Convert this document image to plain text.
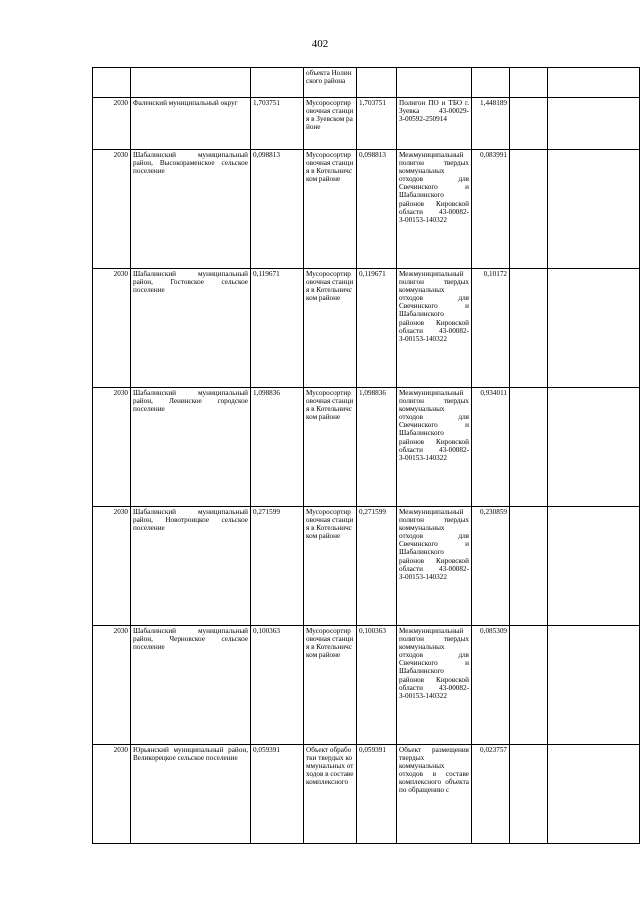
402
			объекта Нолинского района					
2030	Фаленский муниципальный округ	1,703751	Мусоросортировочная станция в Зуевском районе	1,703751	Полигон ПО и ТБО г. Зуевка 43-00029-З-00592-250914	1,448189		
2030	Шабалинский муниципальный район, Высокораменское сельское поселение	0,098813	Мусоросортировочная станция в Котельничском районе	0,098813	Межмуниципальный полигон твердых коммунальных отходов для Свечинского и Шабалинского районов Кировской области 43-00082-З-00153-140322	0,083991		
2030	Шабалинский муниципальный район, Гостовское сельское поселение	0,119671	Мусоросортировочная станция в Котельничском районе	0,119671	Межмуниципальный полигон твердых коммунальных отходов для Свечинского и Шабалинского районов Кировской области 43-00082-З-00153-140322	0,10172		
2030	Шабалинский муниципальный район, Ленинское городское поселение	1,098836	Мусоросортировочная станция в Котельничском районе	1,098836	Межмуниципальный полигон твердых коммунальных отходов для Свечинского и Шабалинского районов Кировской области 43-00082-З-00153-140322	0,934011		
2030	Шабалинский муниципальный район, Новотроицкое сельское поселение	0,271599	Мусоросортировочная станция в Котельничском районе	0,271599	Межмуниципальный полигон твердых коммунальных отходов для Свечинского и Шабалинского районов Кировской области 43-00082-З-00153-140322	0,230859		
2030	Шабалинский муниципальный район, Черновское сельское поселение	0,100363	Мусоросортировочная станция в Котельничском районе	0,100363	Межмуниципальный полигон твердых коммунальных отходов для Свечинского и Шабалинского районов Кировской области 43-00082-З-00153-140322	0,085309		
2030	Юрьянский муниципальный район, Великорецкое сельское поселение	0,059391	Объект обработки твердых коммунальных отходов в составе комплексного	0,059391	Объект размещения твердых коммунальных отходов в составе комплексного объекта по обращению с	0,023757		
